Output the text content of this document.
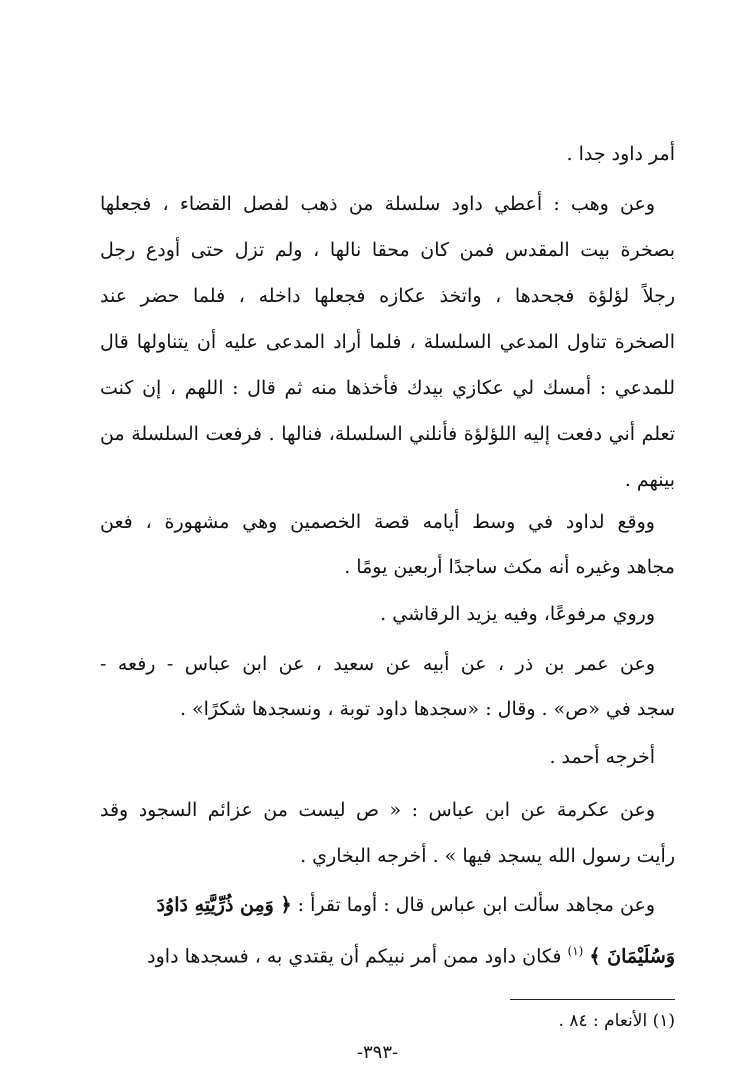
أمر داود جدا .
وعن وهب : أعطي داود سلسلة من ذهب لفصل القضاء ، فجعلها
بصخرة بيت المقدس فمن كان محقا نالها ، ولم تزل حتى أودع رجل
رجلاً لؤلؤة فجحدها ، واتخذ عكازه فجعلها داخله ، فلما حضر عند
الصخرة تناول المدعي السلسلة ، فلما أراد المدعى عليه أن يتناولها قال
للمدعي : أمسك لي عكازي بيدك فأخذها منه ثم قال : اللهم ، إن كنت
تعلم أني دفعت إليه اللؤلؤة فأنلني السلسلة، فنالها . فرفعت السلسلة من
بينهم .
ووقع لداود في وسط أيامه قصة الخصمين وهي مشهورة ، فعن
مجاهد وغيره أنه مكث ساجدًا أربعين يومًا .
وروي مرفوعًا، وفيه يزيد الرقاشي .
وعن عمر بن ذر ، عن أبيه عن سعيد ، عن ابن عباس - رفعه -
سجد في «ص» . وقال : «سجدها داود توبة ، ونسجدها شكرًا» .
أخرجه أحمد .
وعن عكرمة عن ابن عباس : « ص ليست من عزائم السجود وقد
رأيت رسول الله يسجد فيها » . أخرجه البخاري .
وعن مجاهد سألت ابن عباس قال : أوما تقرأ : ﴿ وَمِن ذُرِّيَّتِهِ دَاوُدَ
وَسُلَيْمَانَ ﴾ $^{(١)}$ فكان داود ممن أمر نبيكم أن يقتدي به ، فسجدها داود
(١) الأنعام : ٨٤ .
-٣٩٣-
